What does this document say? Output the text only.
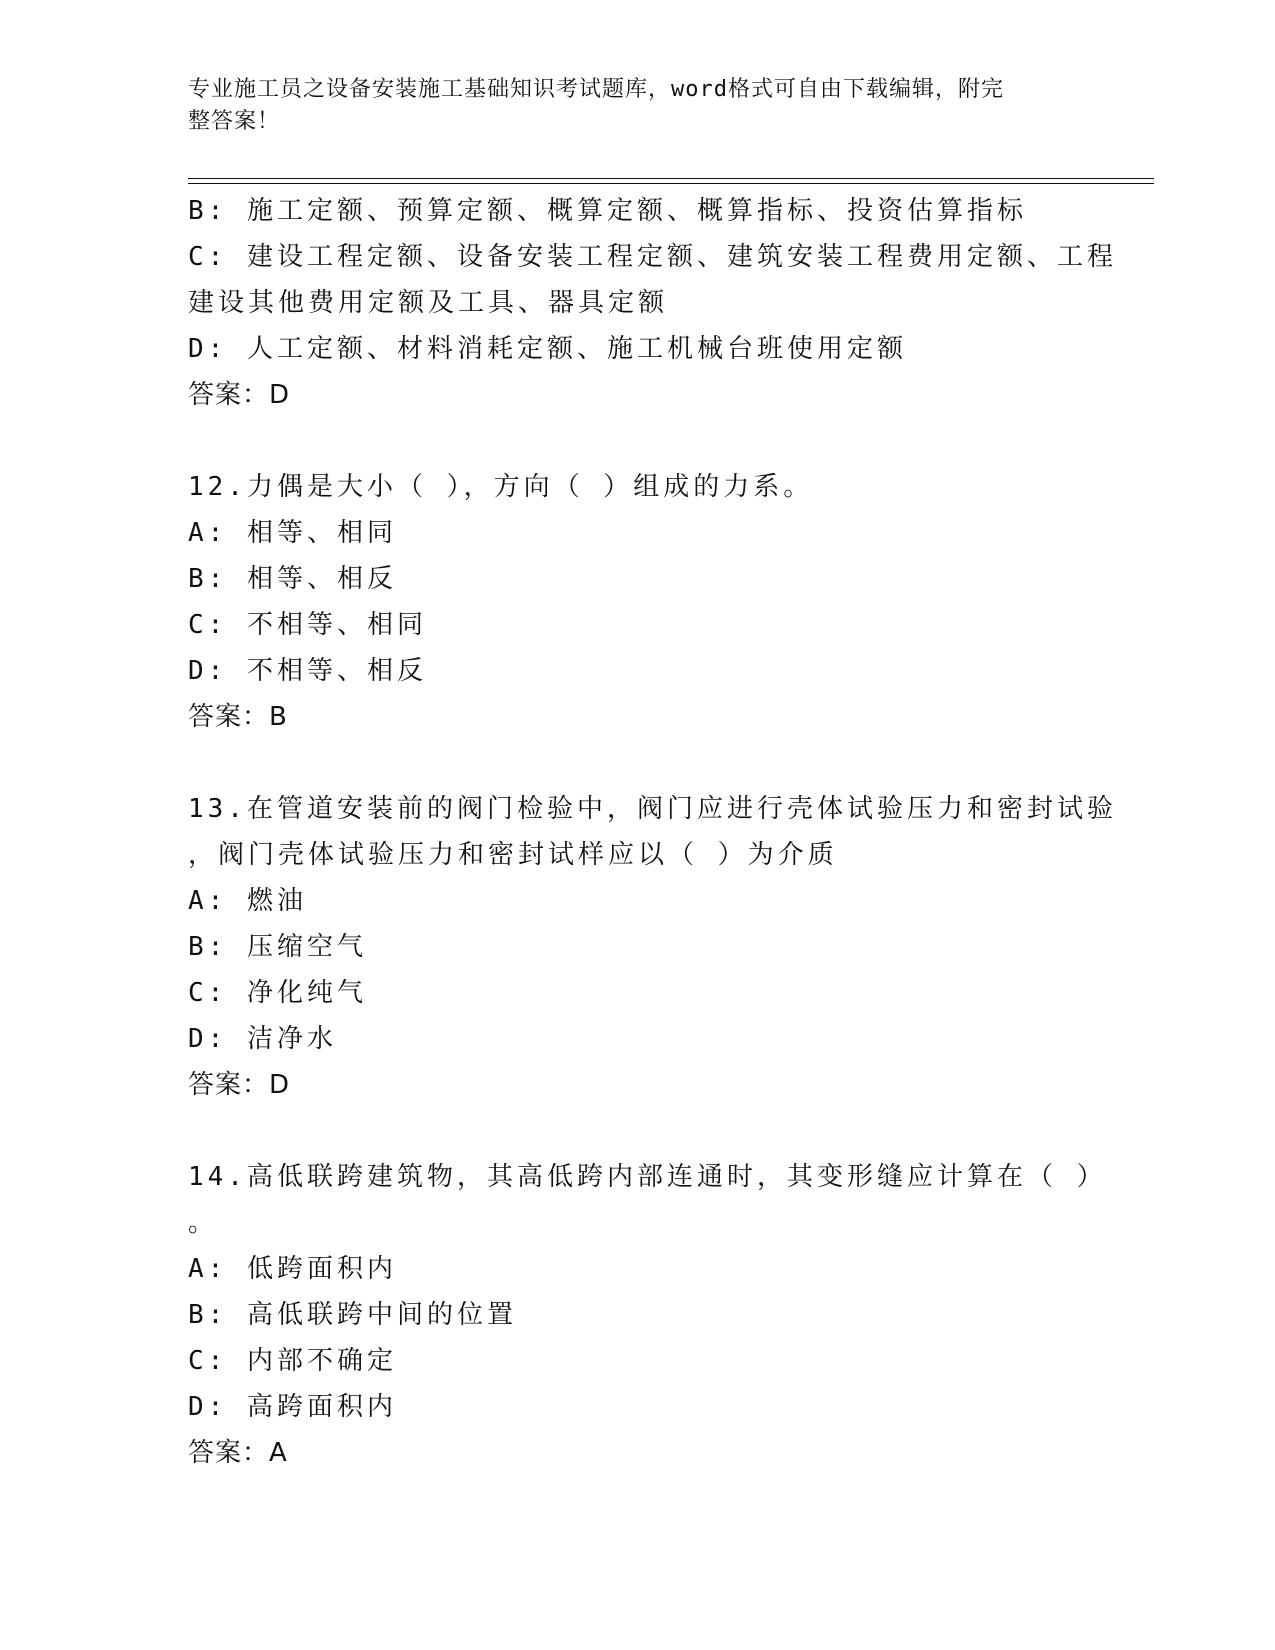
专业施工员之设备安装施工基础知识考试题库，word格式可自由下载编辑，附完
整答案！
B: 施工定额、预算定额、概算定额、概算指标、投资估算指标
C: 建设工程定额、设备安装工程定额、建筑安装工程费用定额、工程
建设其他费用定额及工具、器具定额
D: 人工定额、材料消耗定额、施工机械台班使用定额
答案：D
12.力偶是大小（ ），方向（ ）组成的力系。
A: 相等、相同
B: 相等、相反
C: 不相等、相同
D: 不相等、相反
答案：B
13.在管道安装前的阀门检验中，阀门应进行壳体试验压力和密封试验
，阀门壳体试验压力和密封试样应以（ ）为介质
A: 燃油
B: 压缩空气
C: 净化纯气
D: 洁净水
答案：D
14.高低联跨建筑物，其高低跨内部连通时，其变形缝应计算在（ ）
。
A: 低跨面积内
B: 高低联跨中间的位置
C: 内部不确定
D: 高跨面积内
答案：A
